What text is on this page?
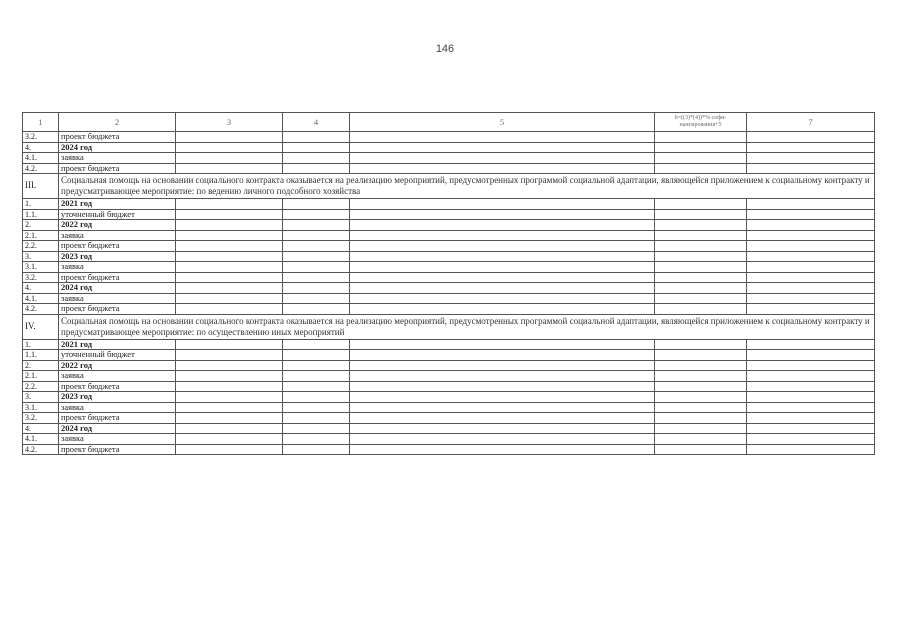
146
1	2	3	4	5	6=((3)*(4))*% софи-нансирования+5	7
3.2.	проект бюджета					
4.	2024 год					
4.1.	заявка					
4.2.	проект бюджета					
III.	Социальная помощь на основании социального контракта оказывается на реализацию мероприятий, предусмотренных программой социальной адаптации, являющейся приложением к социальному контракту и предусматривающее мероприятие: по ведению личного подсобного хозяйства					
1.	2021 год					
1.1.	уточненный бюджет					
2.	2022 год					
2.1.	заявка					
2.2.	проект бюджета					
3.	2023 год					
3.1.	заявка					
3.2.	проект бюджета					
4.	2024 год					
4.1.	заявка					
4.2.	проект бюджета					
IV.	Социальная помощь на основании социального контракта оказывается на реализацию мероприятий, предусмотренных программой социальной адаптации, являющейся приложением к социальному контракту и предусматривающее мероприятие: по осуществлению иных мероприятий					
1.	2021 год					
1.1.	уточненный бюджет					
2.	2022 год					
2.1.	заявка					
2.2.	проект бюджета					
3.	2023 год					
3.1.	заявка					
3.2.	проект бюджета					
4.	2024 год					
4.1.	заявка					
4.2.	проект бюджета					
